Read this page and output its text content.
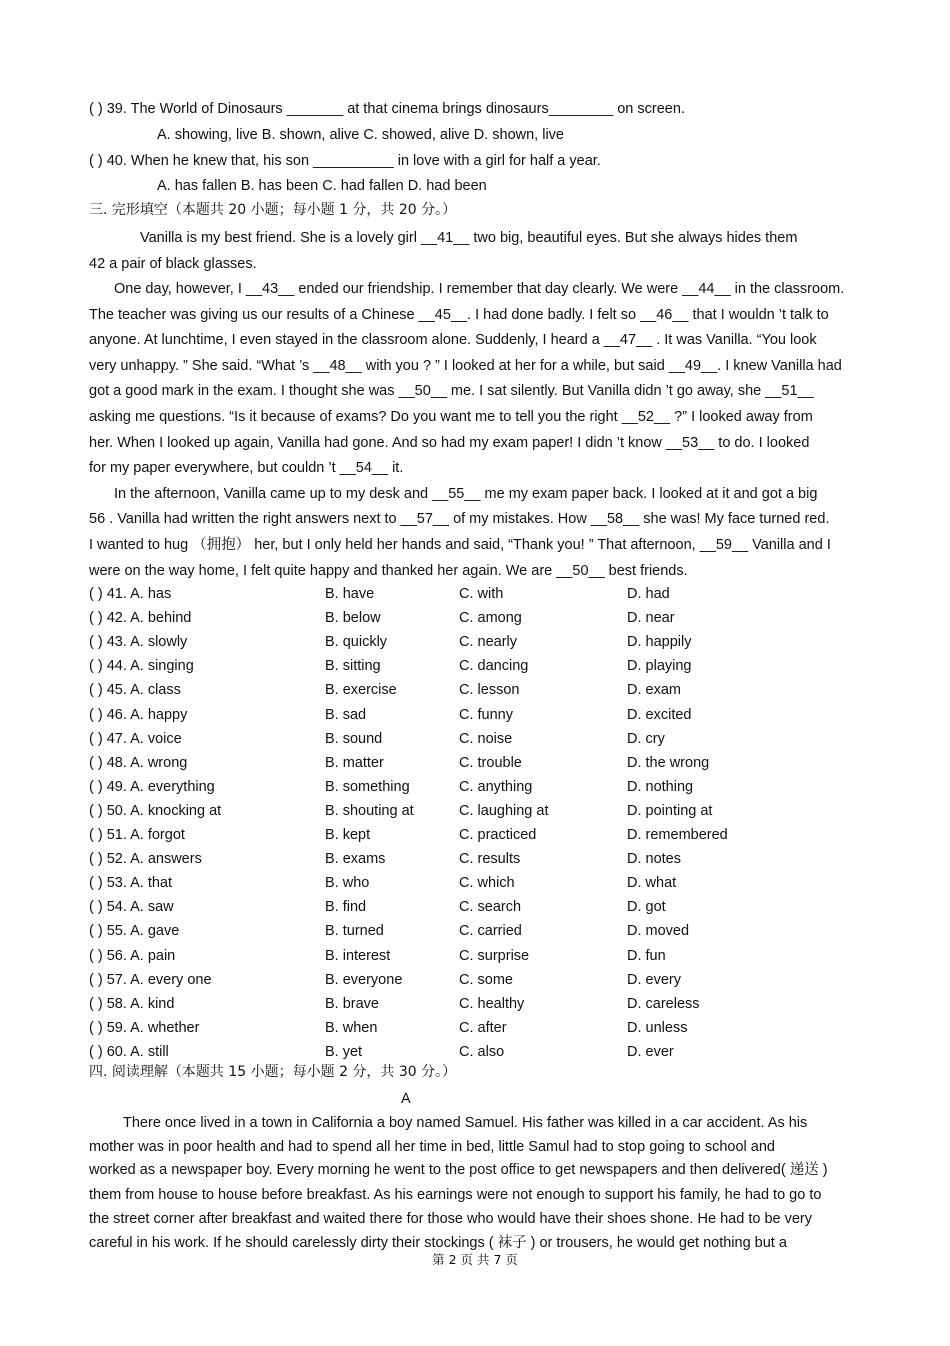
( ) 39. The World of Dinosaurs _______ at that cinema brings dinosaurs________ on screen.
A. showing, live B. shown, alive C. showed, alive D. shown, live
( ) 40. When he knew that, his son __________ in love with a girl for half a year.
A. has fallen B. has been C. had fallen D. had been
三. 完形填空（本题共 20 小题；每小题 1 分，共 20 分。）
Vanilla is my best friend. She is a lovely girl __41__ two big, beautiful eyes. But she always hides them
42 a pair of black glasses.
One day, however, I __43__ ended our friendship. I remember that day clearly. We were __44__ in the classroom.
The teacher was giving us our results of a Chinese __45__. I had done badly. I felt so __46__ that I wouldn ’t talk to
anyone. At lunchtime, I even stayed in the classroom alone. Suddenly, I heard a __47__ . It was Vanilla. “You look
very unhappy. ” She said. “What ’s __48__ with you ? ” I looked at her for a while, but said __49__. I knew Vanilla had
got a good mark in the exam. I thought she was __50__ me. I sat silently. But Vanilla didn ’t go away, she __51__
asking me questions. “Is it because of exams? Do you want me to tell you the right __52__ ?” I looked away from
her. When I looked up again, Vanilla had gone. And so had my exam paper! I didn ’t know __53__ to do. I looked
for my paper everywhere, but couldn ’t __54__ it.
In the afternoon, Vanilla came up to my desk and __55__ me my exam paper back. I looked at it and got a big
56 . Vanilla had written the right answers next to __57__ of my mistakes. How __58__ she was! My face turned red.
I wanted to hug （拥抱） her, but I only held her hands and said, “Thank you! ” That afternoon, __59__ Vanilla and I
were on the way home, I felt quite happy and thanked her again. We are __50__ best friends.
( ) 41. A. has	B. have	C. with	D. had
( ) 42. A. behind	B. below	C. among	D. near
( ) 43. A. slowly	B. quickly	C. nearly	D. happily
( ) 44. A. singing	B. sitting	C. dancing	D. playing
( ) 45. A. class	B. exercise	C. lesson	D. exam
( ) 46. A. happy	B. sad	C. funny	D. excited
( ) 47. A. voice	B. sound	C. noise	D. cry
( ) 48. A. wrong	B. matter	C. trouble	D. the wrong
( ) 49. A. everything	B. something	C. anything	D. nothing
( ) 50. A. knocking at	B. shouting at	C. laughing at	D. pointing at
( ) 51. A. forgot	B. kept	C. practiced	D. remembered
( ) 52. A. answers	B. exams	C. results	D. notes
( ) 53. A. that	B. who	C. which	D. what
( ) 54. A. saw	B. find	C. search	D. got
( ) 55. A. gave	B. turned	C. carried	D. moved
( ) 56. A. pain	B. interest	C. surprise	D. fun
( ) 57. A. every one	B. everyone	C. some	D. every
( ) 58. A. kind	B. brave	C. healthy	D. careless
( ) 59. A. whether	B. when	C. after	D. unless
( ) 60. A. still	B. yet	C. also	D. ever
四. 阅读理解（本题共 15 小题；每小题 2 分，共 30 分。）
A
There once lived in a town in California a boy named Samuel. His father was killed in a car accident. As his
mother was in poor health and had to spend all her time in bed, little Samul had to stop going to school and
worked as a newspaper boy. Every morning he went to the post office to get newspapers and then delivered( 递送 )
them from house to house before breakfast. As his earnings were not enough to support his family, he had to go to
the street corner after breakfast and waited there for those who would have their shoes shone. He had to be very
careful in his work. If he should carelessly dirty their stockings ( 袜子 ) or trousers, he would get nothing but a
第 2 页 共 7 页
